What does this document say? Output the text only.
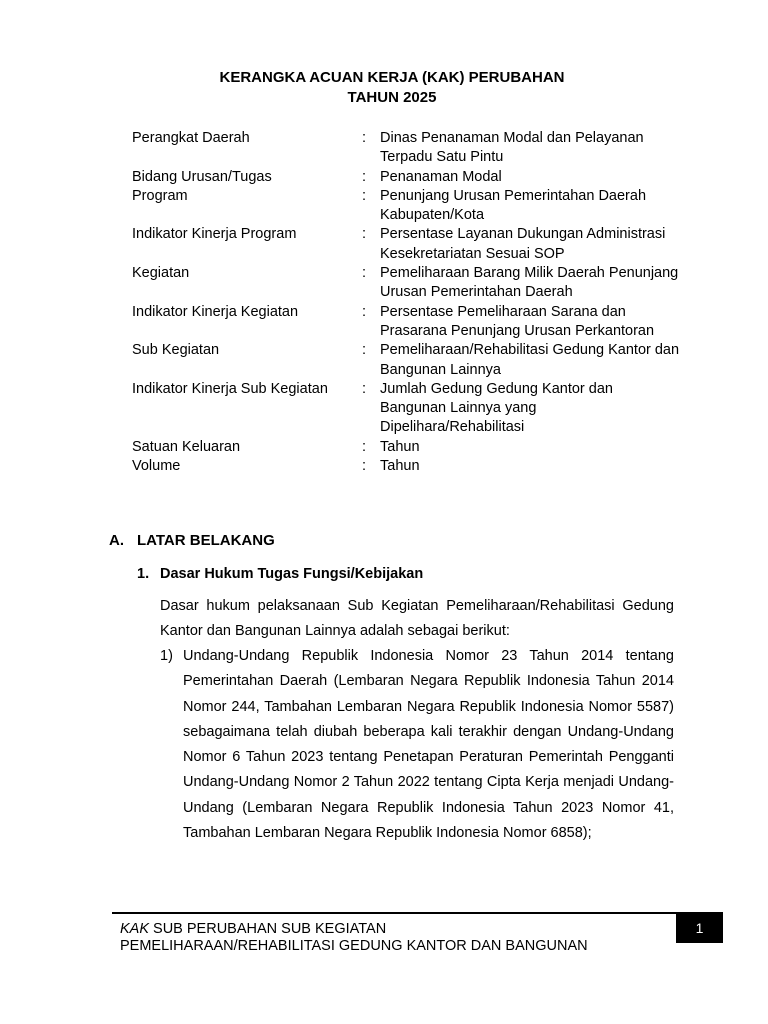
KERANGKA ACUAN KERJA (KAK) PERUBAHAN
TAHUN 2025
Perangkat Daerah	: Dinas Penanaman Modal dan Pelayanan Terpadu Satu Pintu
Bidang Urusan/Tugas	: Penanaman Modal
Program	: Penunjang Urusan Pemerintahan Daerah Kabupaten/Kota
Indikator Kinerja Program	: Persentase Layanan Dukungan Administrasi Kesekretariatan Sesuai SOP
Kegiatan	: Pemeliharaan Barang Milik Daerah Penunjang Urusan Pemerintahan Daerah
Indikator Kinerja Kegiatan	: Persentase Pemeliharaan Sarana dan Prasarana Penunjang Urusan Perkantoran
Sub Kegiatan	: Pemeliharaan/Rehabilitasi Gedung Kantor dan Bangunan Lainnya
Indikator Kinerja Sub Kegiatan	: Jumlah Gedung Gedung Kantor dan Bangunan Lainnya yang Dipelihara/Rehabilitasi
Satuan Keluaran	: Tahun
Volume	: Tahun
A. LATAR BELAKANG
1. Dasar Hukum Tugas Fungsi/Kebijakan
Dasar hukum pelaksanaan Sub Kegiatan Pemeliharaan/Rehabilitasi Gedung Kantor dan Bangunan Lainnya adalah sebagai berikut:
1) Undang-Undang Republik Indonesia Nomor 23 Tahun 2014 tentang Pemerintahan Daerah (Lembaran Negara Republik Indonesia Tahun 2014 Nomor 244, Tambahan Lembaran Negara Republik Indonesia Nomor 5587) sebagaimana telah diubah beberapa kali terakhir dengan Undang-Undang Nomor 6 Tahun 2023 tentang Penetapan Peraturan Pemerintah Pengganti Undang-Undang Nomor 2 Tahun 2022 tentang Cipta Kerja menjadi Undang-Undang (Lembaran Negara Republik Indonesia Tahun 2023 Nomor 41, Tambahan Lembaran Negara Republik Indonesia Nomor 6858);
KAK SUB PERUBAHAN SUB KEGIATAN
PEMELIHARAAN/REHABILITASI GEDUNG KANTOR DAN BANGUNAN
1
